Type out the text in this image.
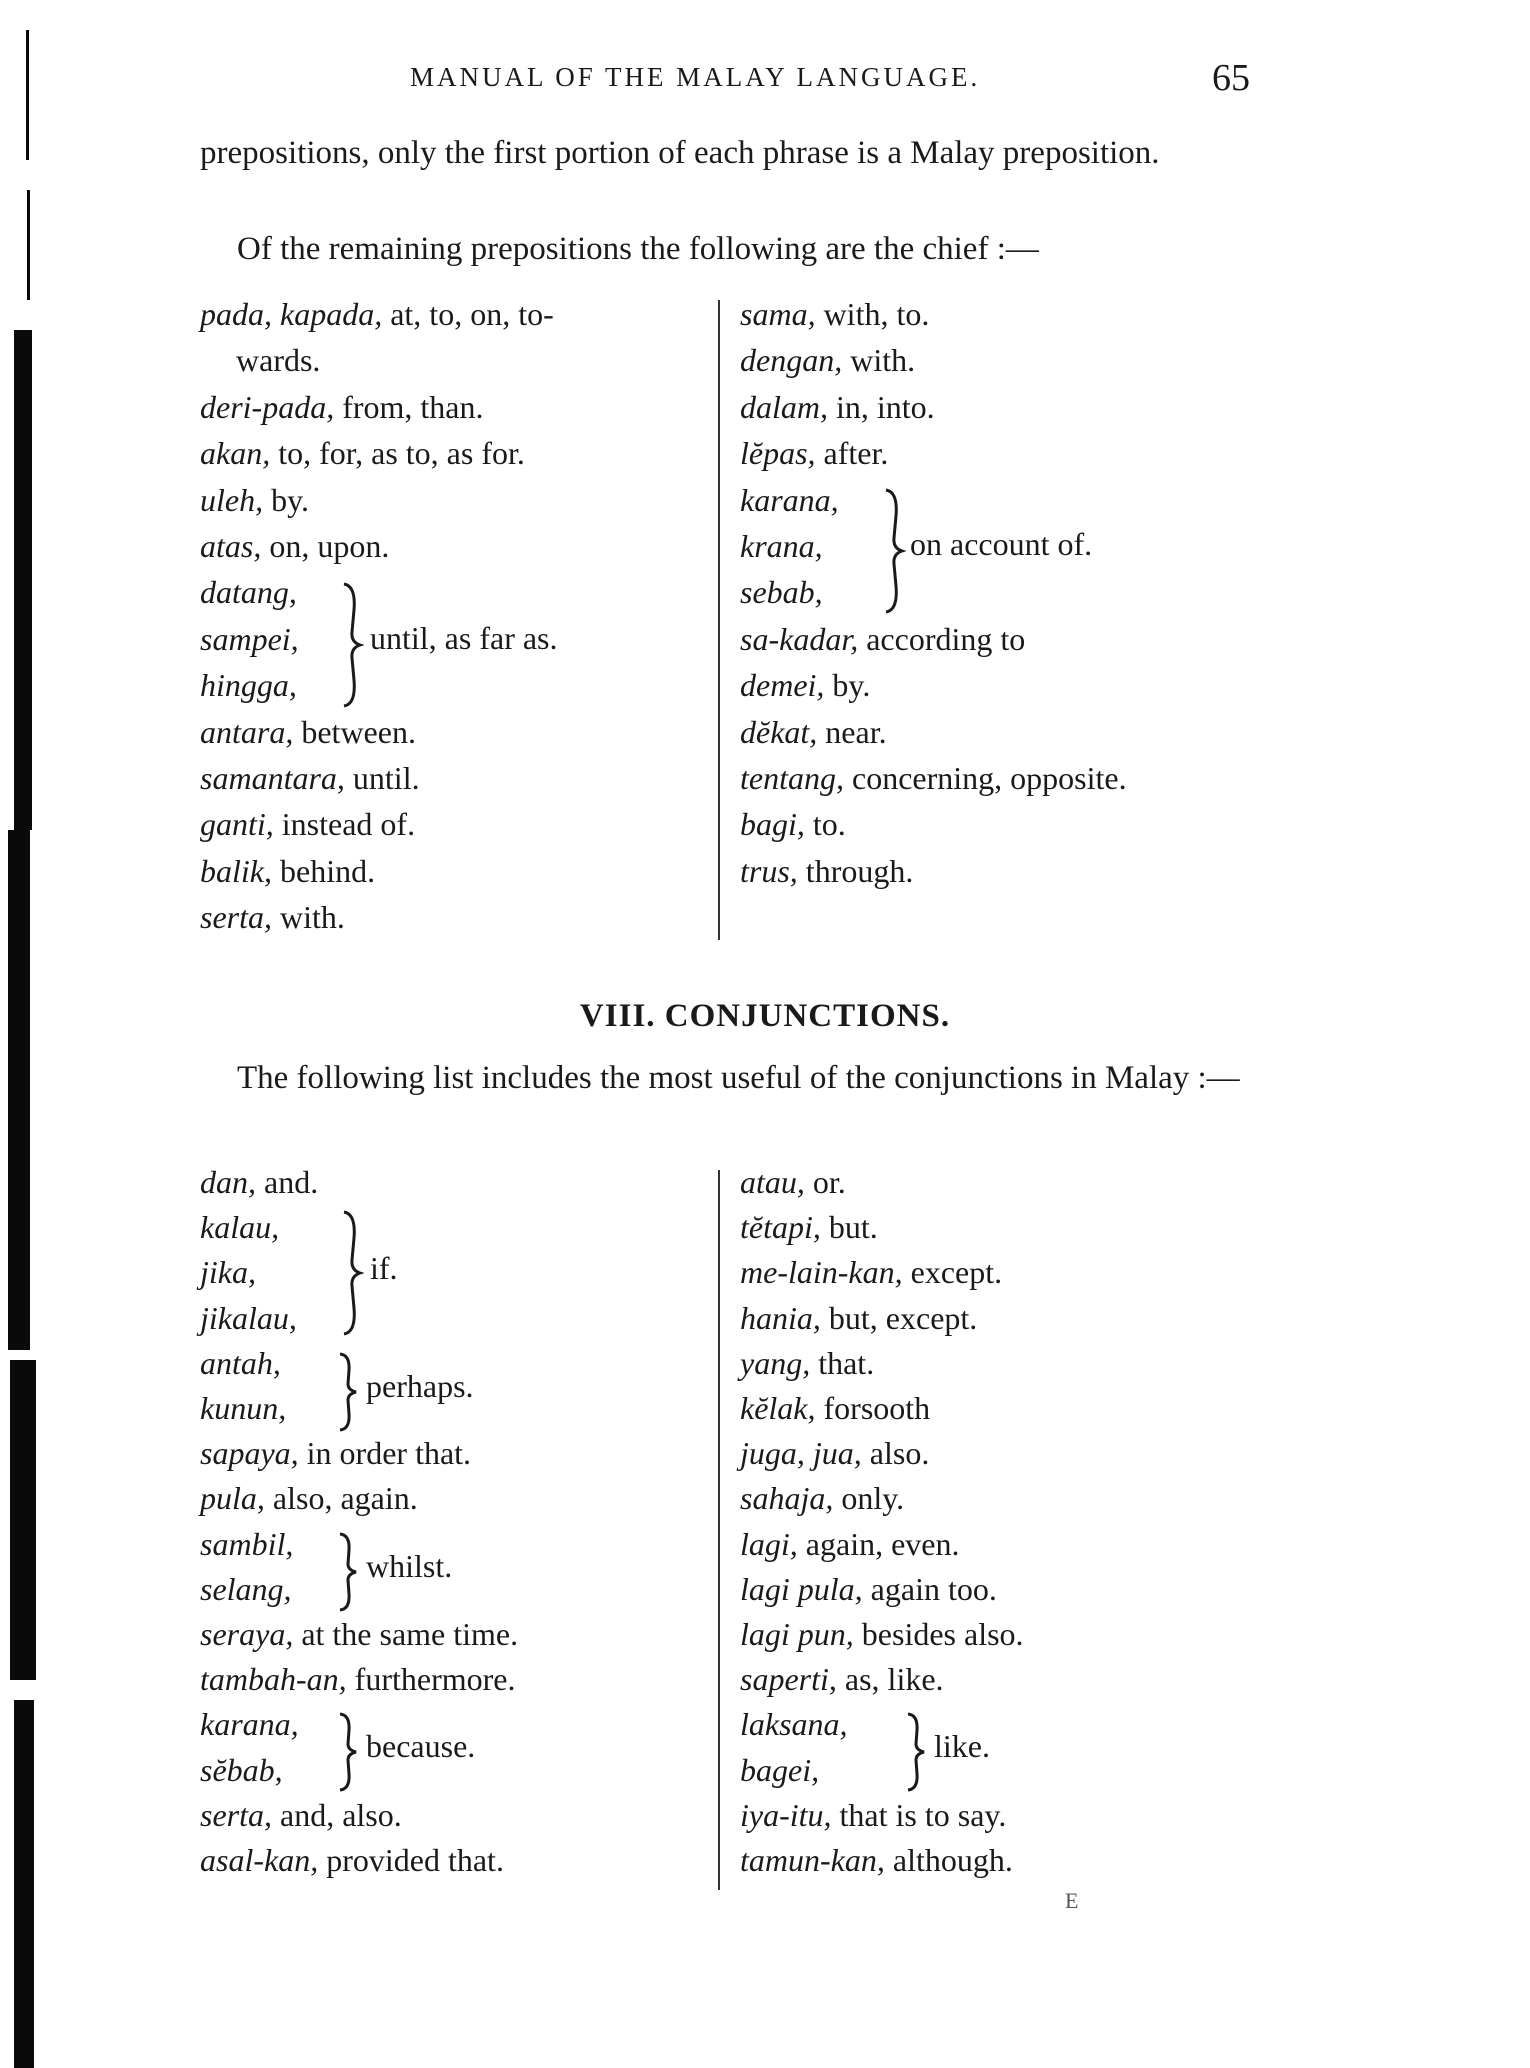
MANUAL OF THE MALAY LANGUAGE.	65

prepositions, only the first portion of each phrase is a Malay preposition.

Of the remaining prepositions the following are the chief :—

pada, kapada, at, to, on, to-
wards.
deri-pada, from, than.
akan, to, for, as to, as for.
uleh, by.
atas, on, upon.
datang,
sampei,
hingga,
antara, between.
samantara, until.
ganti, instead of.
balik, behind.
serta, with.
sama, with, to.
dengan, with.
dalam, in, into.
lĕpas, after.
karana,
krana,
sebab,
sa-kadar, according to
demei, by.
dĕkat, near.
tentang, concerning, opposite.
bagi, to.
trus, through.
until, as far as.
on account of.
VIII. CONJUNCTIONS.

The following list includes the most useful of the conjunctions in Malay :—

dan, and.
kalau,
jika,
jikalau,
antah,
kunun,
sapaya, in order that.
pula, also, again.
sambil,
selang,
seraya, at the same time.
tambah-an, furthermore.
karana,
sĕbab,
serta, and, also.
asal-kan, provided that.
atau, or.
tĕtapi, but.
me-lain-kan, except.
hania, but, except.
yang, that.
kĕlak, forsooth
juga, jua, also.
sahaja, only.
lagi, again, even.
lagi pula, again too.
lagi pun, besides also.
saperti, as, like.
laksana,
bagei,
iya-itu, that is to say.
tamun-kan, although.
if.
perhaps.
whilst.
because.	like.
E
